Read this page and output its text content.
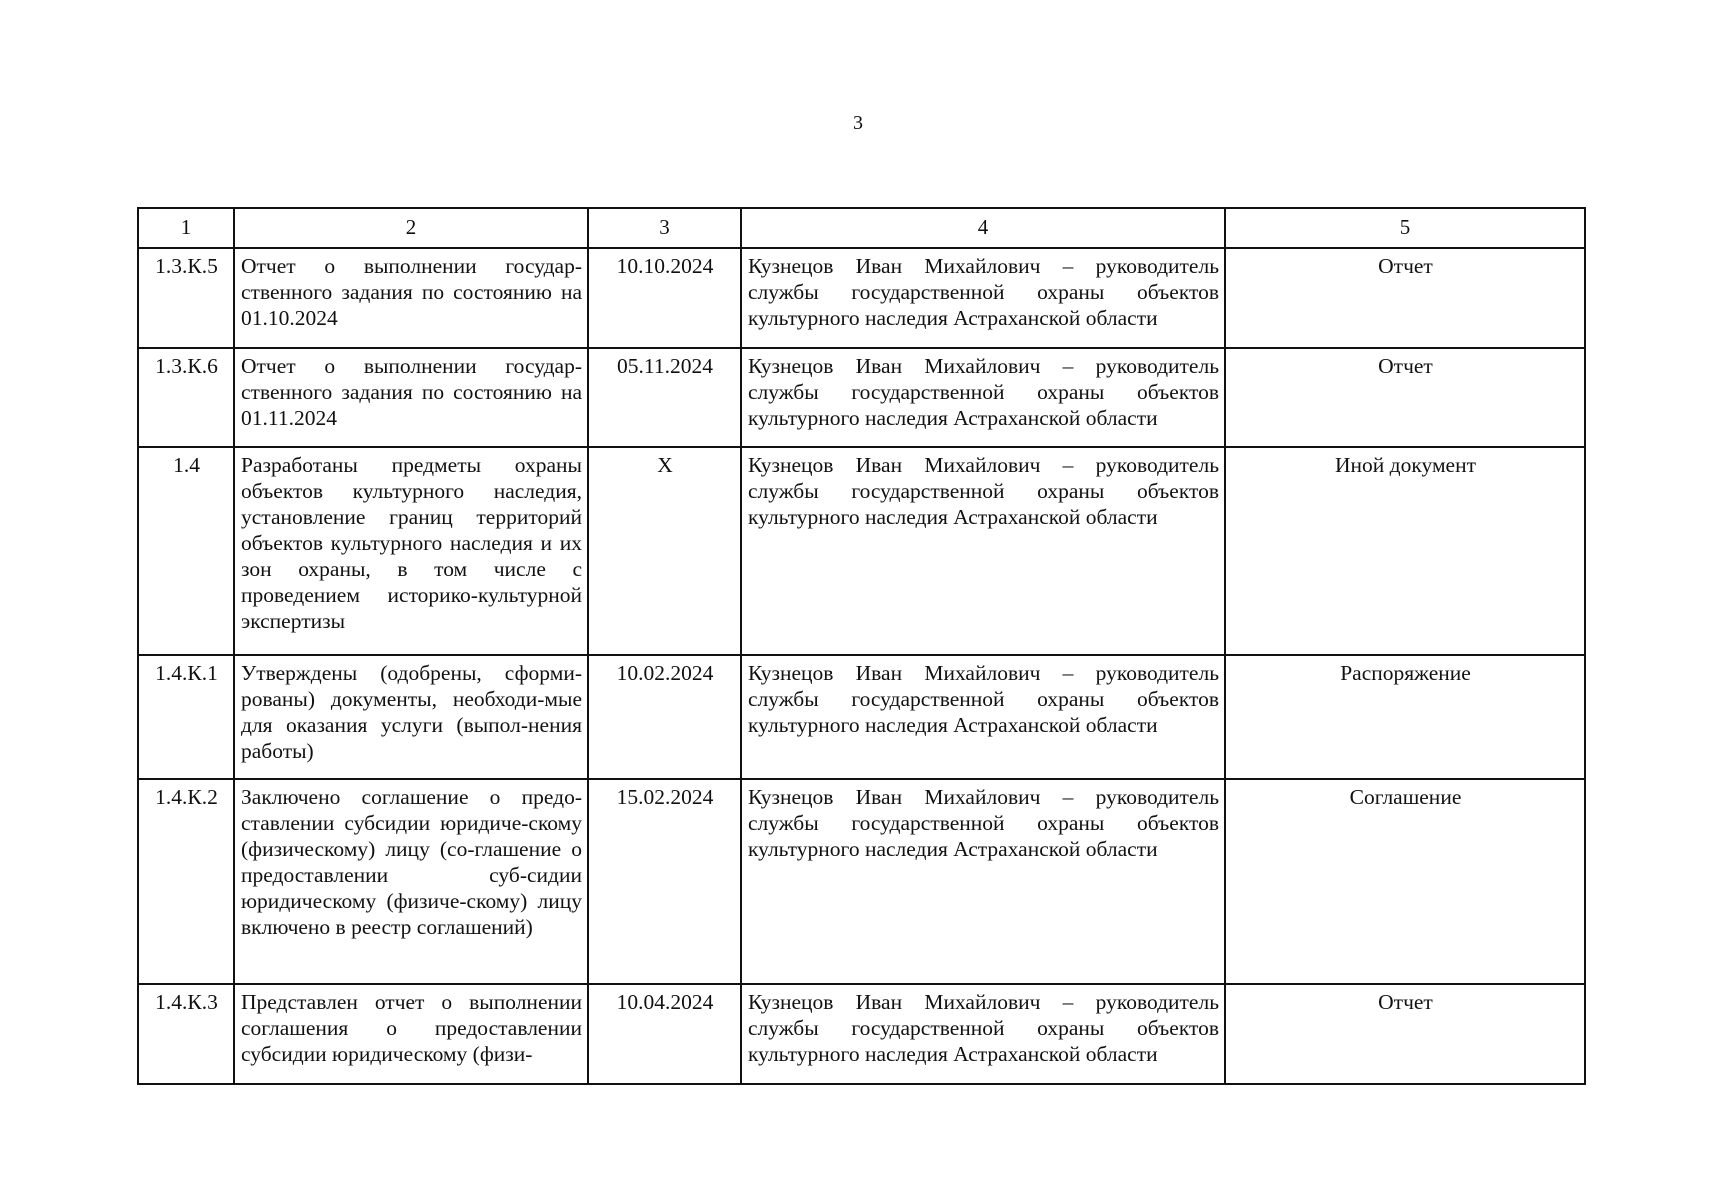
3
1	2	3	4	5
1.3.К.5	Отчет о выполнении государ-ственного задания по состоянию на 01.10.2024	10.10.2024	Кузнецов Иван Михайлович – руководитель службы государственной охраны объектов культурного наследия Астраханской области	Отчет
1.3.К.6	Отчет о выполнении государ-ственного задания по состоянию на 01.11.2024	05.11.2024	Кузнецов Иван Михайлович – руководитель службы государственной охраны объектов культурного наследия Астраханской области	Отчет
1.4	Разработаны предметы охраны объектов культурного наследия, установление границ территорий объектов культурного наследия и их зон охраны, в том числе с проведением историко-культурной экспертизы	Х	Кузнецов Иван Михайлович – руководитель службы государственной охраны объектов культурного наследия Астраханской области	Иной документ
1.4.К.1	Утверждены (одобрены, сформи-рованы) документы, необходи-мые для оказания услуги (выпол-нения работы)	10.02.2024	Кузнецов Иван Михайлович – руководитель службы государственной охраны объектов культурного наследия Астраханской области	Распоряжение
1.4.К.2	Заключено соглашение о предо-ставлении субсидии юридиче-скому (физическому) лицу (со-глашение о предоставлении суб-сидии юридическому (физиче-скому) лицу включено в реестр соглашений)	15.02.2024	Кузнецов Иван Михайлович – руководитель службы государственной охраны объектов культурного наследия Астраханской области	Соглашение
1.4.К.3	Представлен отчет о выполнении соглашения о предоставлении субсидии юридическому (физи-	10.04.2024	Кузнецов Иван Михайлович – руководитель службы государственной охраны объектов культурного наследия Астраханской области	Отчет
